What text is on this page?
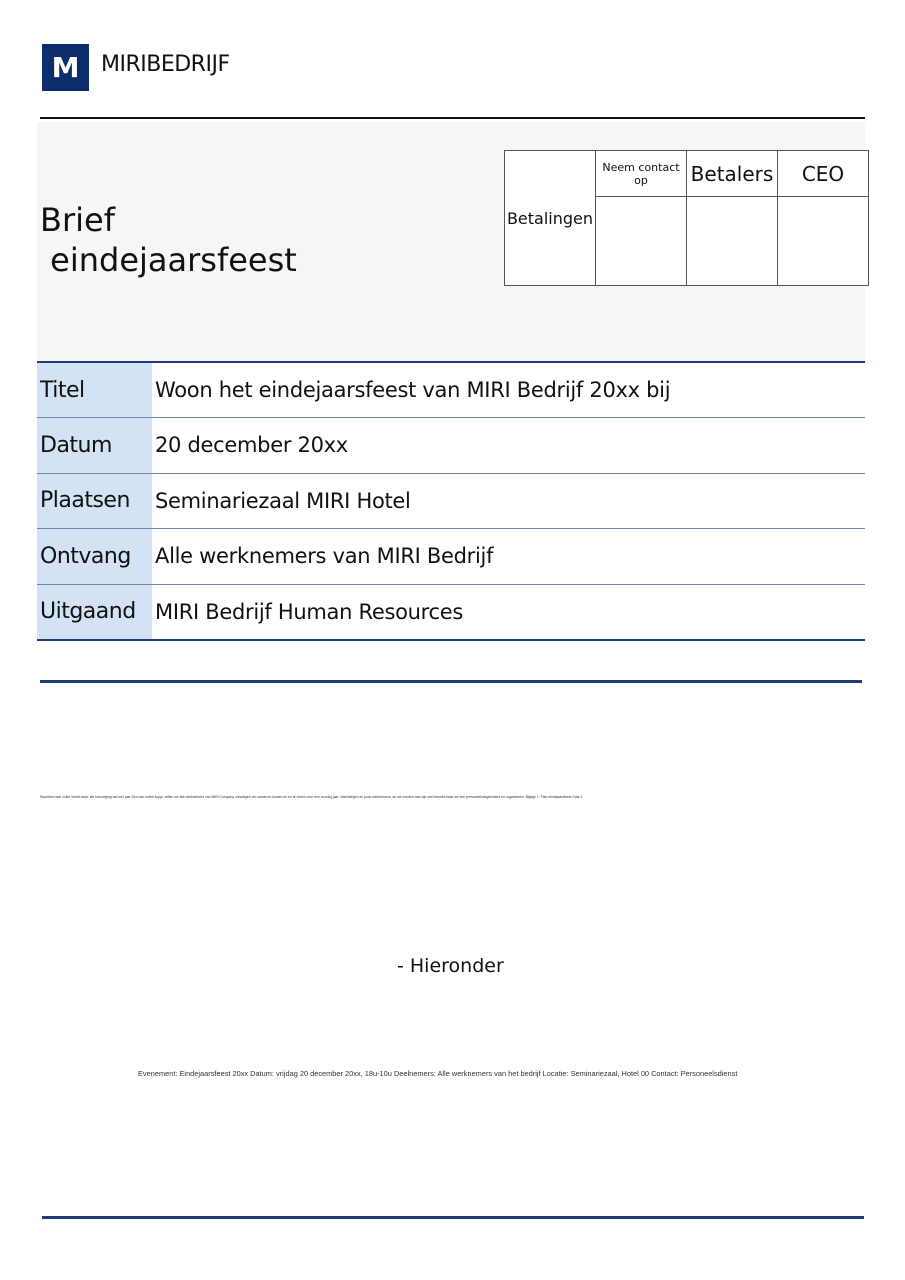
M MIRIBEDRIJF
Brief
eindejaarsfeest
Betalingen	Neem contact op	Betalers	CEO

Titel	Woon het eindejaarsfeest van MIRI Bedrijf 20xx bij
Datum	20 december 20xx
Plaatsen	Seminariezaal MIRI Hotel
Ontvang	Alle werknemers van MIRI Bedrijf
Uitgaand	MIRI Bedrijf Human Resources
Rachtnet naar zulke Verdit waar, als toevoeging het met jaar 20xx tan orden koppl, willen we alle werknemers van MIRI Company uitnodigen om samen te komen en en te vieren voor een voordig jaar. Wachtzilgen en jouw werknemers, en we moeten met zijn veel bereikt maar we een personeelsbegeleiders en organiseren. Bijlage 1. Plan eindejaarsfeest Gast 1
- Hieronder
Evenement: Eindejaarsfeest 20xx Datum: vrijdag 20 december 20xx, 18u-10u Deelnemers: Alle werknemers van het bedrijf Locatie: Seminariezaal, Hotel 00 Contact: Personeelsdienst
